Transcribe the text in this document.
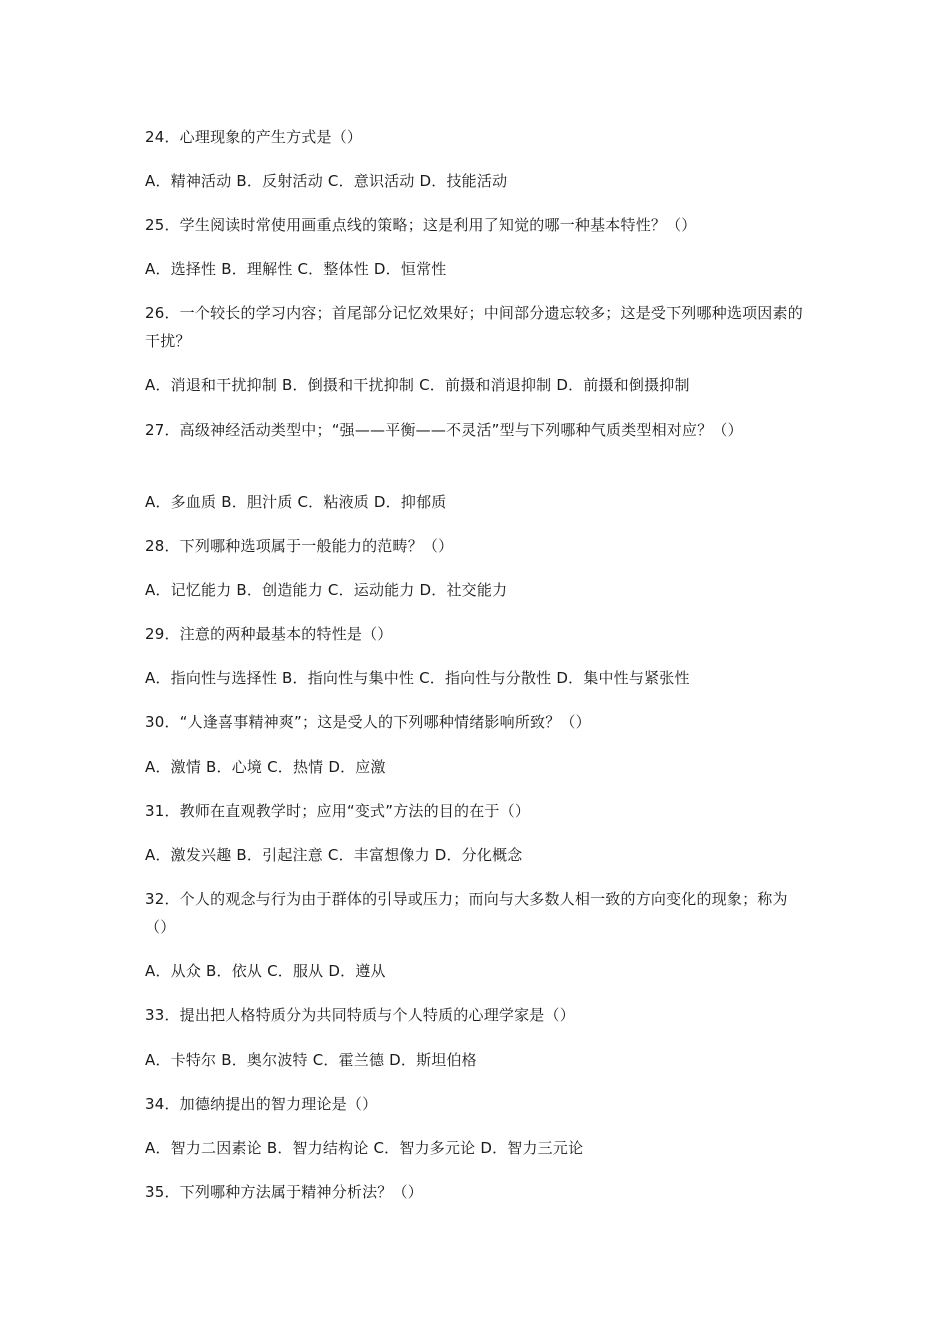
24．心理现象的产生方式是（）
A．精神活动 B．反射活动 C．意识活动 D．技能活动
25．学生阅读时常使用画重点线的策略；这是利用了知觉的哪一种基本特性？（）
A．选择性 B．理解性 C．整体性 D．恒常性
26．一个较长的学习内容；首尾部分记忆效果好；中间部分遗忘较多；这是受下列哪种选项因素的干扰？
A．消退和干扰抑制 B．倒摄和干扰抑制 C．前摄和消退抑制 D．前摄和倒摄抑制
27．高级神经活动类型中；“强——平衡——不灵活”型与下列哪种气质类型相对应？（）
A．多血质 B．胆汁质 C．粘液质 D．抑郁质
28．下列哪种选项属于一般能力的范畴？（）
A．记忆能力 B．创造能力 C．运动能力 D．社交能力
29．注意的两种最基本的特性是（）
A．指向性与选择性 B．指向性与集中性 C．指向性与分散性 D．集中性与紧张性
30．“人逢喜事精神爽”；这是受人的下列哪种情绪影响所致？（）
A．激情 B．心境 C．热情 D．应激
31．教师在直观教学时；应用“变式”方法的目的在于（）
A．激发兴趣 B．引起注意 C．丰富想像力 D．分化概念
32．个人的观念与行为由于群体的引导或压力；而向与大多数人相一致的方向变化的现象；称为（）
A．从众 B．依从 C．服从 D．遵从
33．提出把人格特质分为共同特质与个人特质的心理学家是（）
A．卡特尔 B．奥尔波特 C．霍兰德 D．斯坦伯格
34．加德纳提出的智力理论是（）
A．智力二因素论 B．智力结构论 C．智力多元论 D．智力三元论
35．下列哪种方法属于精神分析法？（）
